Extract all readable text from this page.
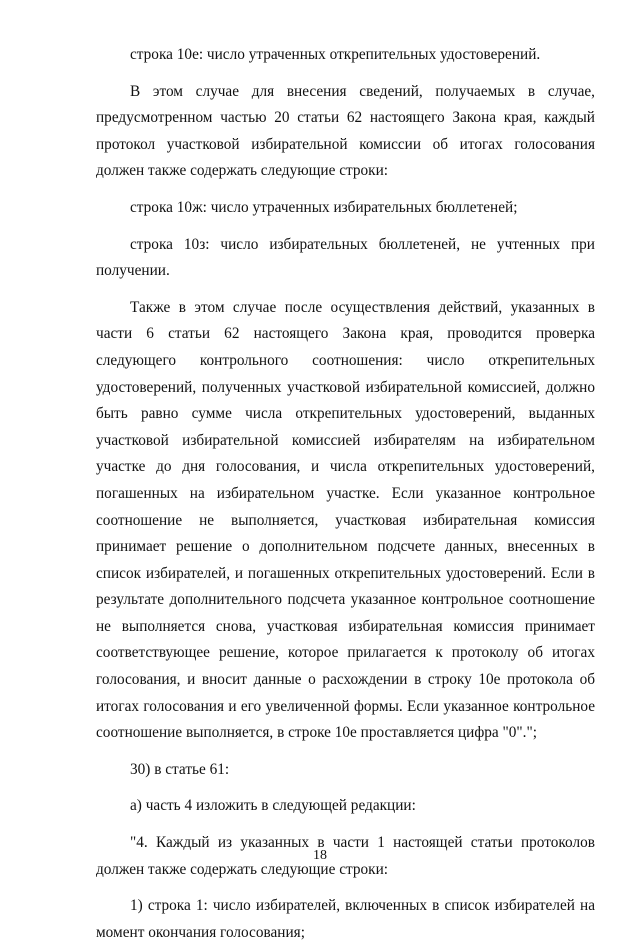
строка 10е: число утраченных открепительных удостоверений.

В этом случае для внесения сведений, получаемых в случае, предусмотренном частью 20 статьи 62 настоящего Закона края, каждый протокол участковой избирательной комиссии об итогах голосования должен также содержать следующие строки:

строка 10ж: число утраченных избирательных бюллетеней;

строка 10з: число избирательных бюллетеней, не учтенных при получении.

Также в этом случае после осуществления действий, указанных в части 6 статьи 62 настоящего Закона края, проводится проверка следующего контрольного соотношения: число открепительных удостоверений, полученных участковой избирательной комиссией, должно быть равно сумме числа открепительных удостоверений, выданных участковой избирательной комиссией избирателям на избирательном участке до дня голосования, и числа открепительных удостоверений, погашенных на избирательном участке. Если указанное контрольное соотношение не выполняется, участковая избирательная комиссия принимает решение о дополнительном подсчете данных, внесенных в список избирателей, и погашенных открепительных удостоверений. Если в результате дополнительного подсчета указанное контрольное соотношение не выполняется снова, участковая избирательная комиссия принимает соответствующее решение, которое прилагается к протоколу об итогах голосования, и вносит данные о расхождении в строку 10е протокола об итогах голосования и его увеличенной формы. Если указанное контрольное соотношение выполняется, в строке 10е проставляется цифра "0".";

30) в статье 61:

а) часть 4 изложить в следующей редакции:

"4. Каждый из указанных в части 1 настоящей статьи протоколов должен также содержать следующие строки:

1) строка 1: число избирателей, включенных в список избирателей на момент окончания голосования;

18
